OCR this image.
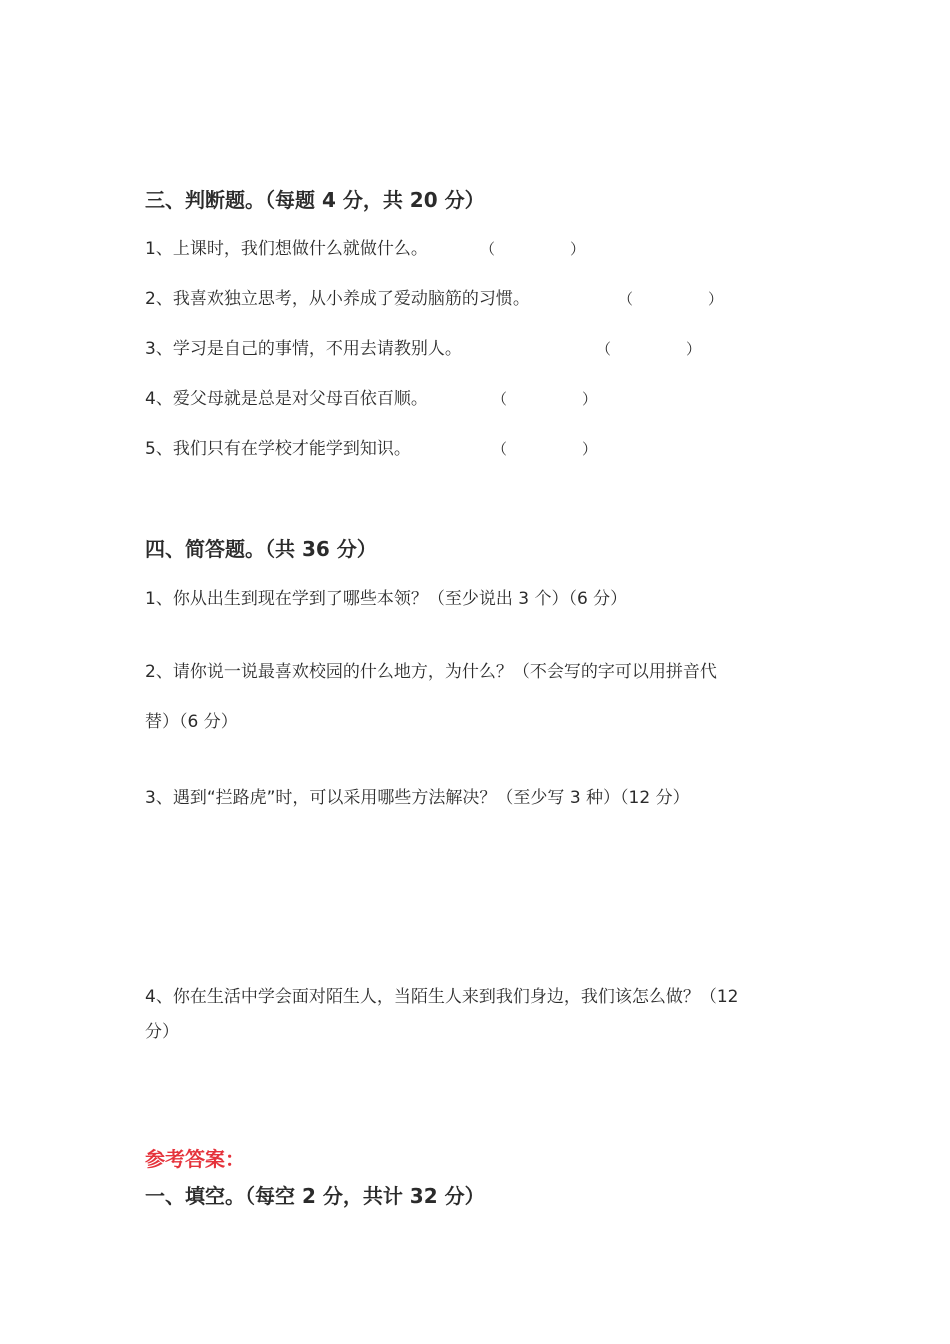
三、判断题。（每题 4 分，共 20 分）
1、上课时，我们想做什么就做什么。	（　　　　　）
2、我喜欢独立思考，从小养成了爱动脑筋的习惯。	（　　　　　）
3、学习是自己的事情，不用去请教别人。	（　　　　　）
4、爱父母就是总是对父母百依百顺。	（　　　　　）
5、我们只有在学校才能学到知识。	（　　　　　）
四、简答题。（共 36 分）
1、你从出生到现在学到了哪些本领？（至少说出 3 个）（6 分）
2、请你说一说最喜欢校园的什么地方，为什么？（不会写的字可以用拼音代
替）（6 分）
3、遇到“拦路虎”时，可以采用哪些方法解决？（至少写 3 种）（12 分）
4、你在生活中学会面对陌生人，当陌生人来到我们身边，我们该怎么做？（12
分）
参考答案：
一、填空。（每空 2 分，共计 32 分）
